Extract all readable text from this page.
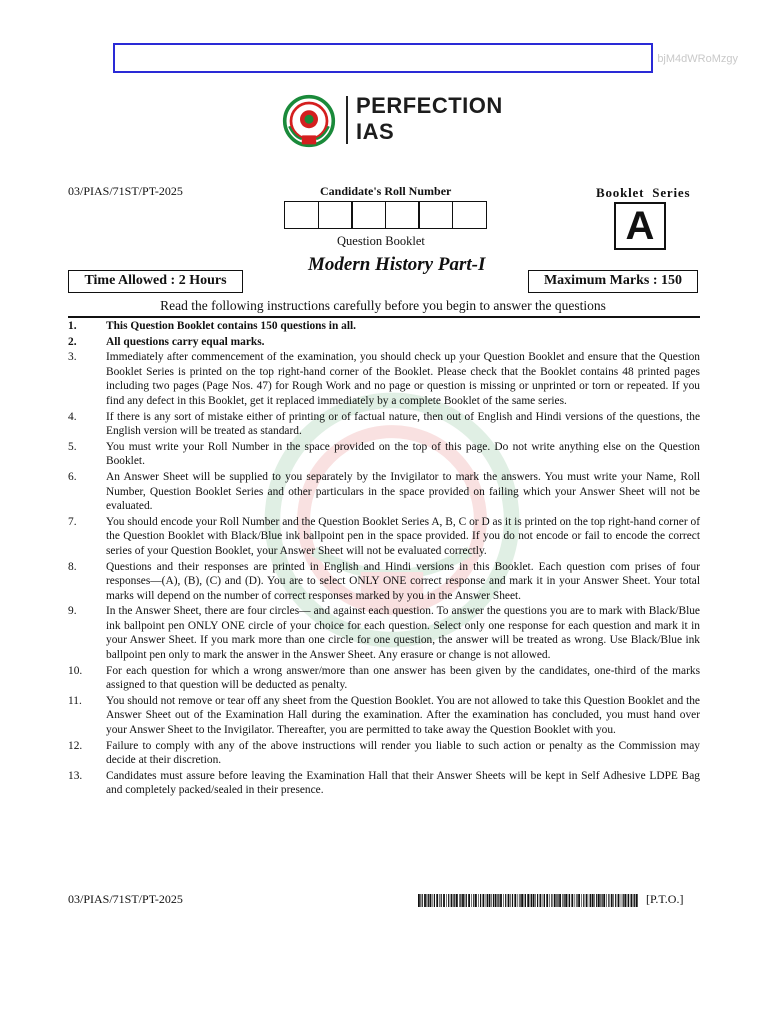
bjM4dWRoMzgy
PERFECTION
IAS
03/PIAS/71ST/PT-2025	Candidate's Roll Number	Booklet  Series
A
Question Booklet
Modern History Part-I
Time Allowed : 2 Hours	Maximum Marks : 150
Read the following instructions carefully before you begin to answer the questions
1.	This Question Booklet contains 150 questions in all.
2.	All questions carry equal marks.
3.	Immediately after commencement of the examination, you should check up your Question Booklet and ensure that the Question Booklet Series is printed on the top right-hand corner of the Booklet. Please check that the Booklet contains 48 printed pages including two pages (Page Nos. 47) for Rough Work and no page or question is missing or unprinted or torn or repeated. If you find any defect in this Booklet, get it replaced immediately by a complete Booklet of the same series.
4.	If there is any sort of mistake either of printing or of factual nature, then out of English and Hindi versions of the questions, the English version will be treated as standard.
5.	You must write your Roll Number in the space provided on the top of this page. Do not write anything else on the Question Booklet.
6.	An Answer Sheet will be supplied to you separately by the Invigilator to mark the answers. You must write your Name, Roll Number, Question Booklet Series and other particulars in the space provided on failing which your Answer Sheet will not be evaluated.
7.	You should encode your Roll Number and the Question Booklet Series A, B, C or D as it is printed on the top right-hand corner of the Question Booklet with Black/Blue ink ballpoint pen in the space provided. If you do not encode or fail to encode the correct series of your Question Booklet, your Answer Sheet will not be evaluated correctly.
8.	Questions and their responses are printed in English and Hindi versions in this Booklet. Each question com prises of four responses—(A), (B), (C) and (D). You are to select ONLY ONE correct response and mark it in your Answer Sheet. Your total marks will depend on the number of correct responses marked by you in the Answer Sheet.
9.	In the Answer Sheet, there are four circles— and against each question. To answer the questions you are to mark with Black/Blue ink ballpoint pen ONLY ONE circle of your choice for each question. Select only one response for each question and mark it in your Answer Sheet. If you mark more than one circle for one question, the answer will be treated as wrong. Use Black/Blue ink ballpoint pen only to mark the answer in the Answer Sheet. Any erasure or change is not allowed.
10.	For each question for which a wrong answer/more than one answer has been given by the candidates, one-third of the marks assigned to that question will be deducted as penalty.
11.	You should not remove or tear off any sheet from the Question Booklet. You are not allowed to take this Question Booklet and the Answer Sheet out of the Examination Hall during the examination. After the examination has concluded, you must hand over your Answer Sheet to the Invigilator. Thereafter, you are permitted to take away the Question Booklet with you.
12.	Failure to comply with any of the above instructions will render you liable to such action or penalty as the Commission may decide at their discretion.
13.	Candidates must assure before leaving the Examination Hall that their Answer Sheets will be kept in Self Adhesive LDPE Bag and completely packed/sealed in their presence.
03/PIAS/71ST/PT-2025	[P.T.O.]
